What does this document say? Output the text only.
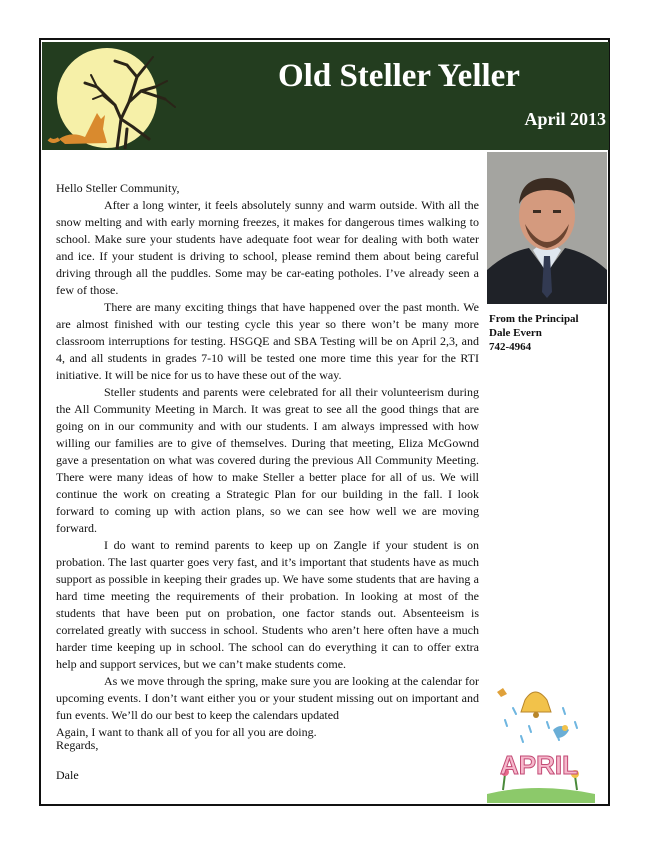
Old Steller Yeller
April 2013
From the Principal
Dale Evern
742-4964

Hello Steller Community,

After a long winter, it feels absolutely sunny and warm outside. With all the snow melting and with early morning freezes, it makes for dangerous times walking to school. Make sure your students have adequate foot wear for dealing with both water and ice. If your student is driving to school, please remind them about being careful driving through all the puddles. Some may be car-eating potholes. I’ve already seen a few of those.

There are many exciting things that have happened over the past month. We are almost finished with our testing cycle this year so there won’t be many more classroom interruptions for testing. HSGQE and SBA Testing will be on April 2,3, and 4, and all students in grades 7-10 will be tested one more time this year for the RTI initiative. It will be nice for us to have these out of the way.

Steller students and parents were celebrated for all their volunteerism during the All Community Meeting in March. It was great to see all the good things that are going on in our community and with our students. I am always impressed with how willing our families are to give of themselves. During that meeting, Eliza McGownd gave a presentation on what was covered during the previous All Community Meeting. There were many ideas of how to make Steller a better place for all of us. We will continue the work on creating a Strategic Plan for our building in the fall. I look forward to coming up with action plans, so we can see how well we are moving forward.

I do want to remind parents to keep up on Zangle if your student is on probation. The last quarter goes very fast, and it’s important that students have as much support as possible in keeping their grades up. We have some students that are having a hard time meeting the requirements of their probation. In looking at most of the students that have been put on probation, one factor stands out. Absenteeism is correlated greatly with success in school. Students who aren’t here often have a much harder time keeping up in school. The school can do everything it can to offer extra help and support services, but we can’t make students come.

As we move through the spring, make sure you are looking at the calendar for upcoming events. I don’t want either you or your student missing out on important and fun events. We’ll do our best to keep the calendars updated

Again, I want to thank all of you for all you are doing.

Regards,
Dale	APRIL
